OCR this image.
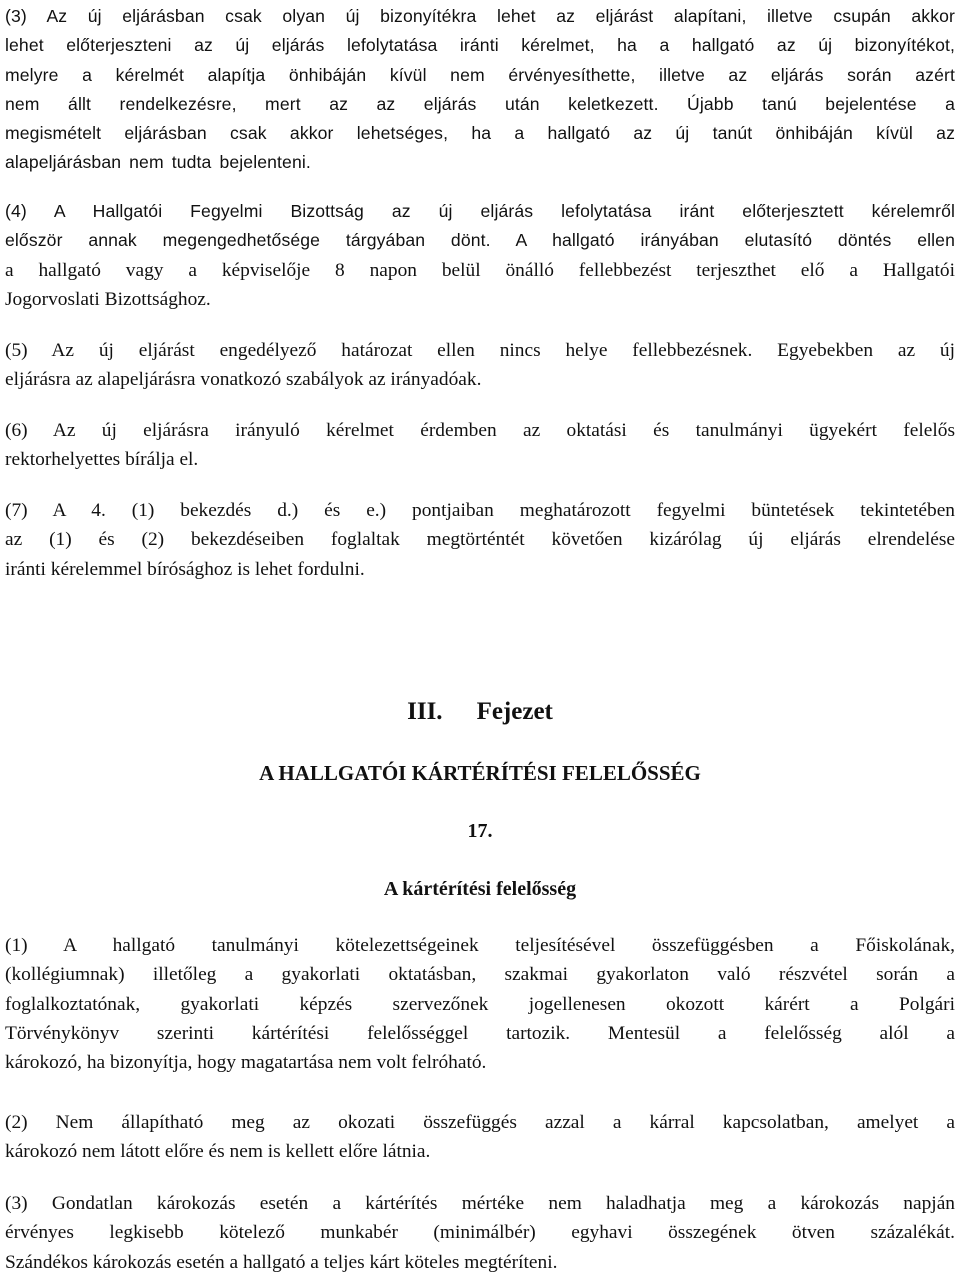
(3) Az új eljárásban csak olyan új bizonyítékra lehet az eljárást alapítani, illetve csupán akkor
lehet előterjeszteni az új eljárás lefolytatása iránti kérelmet, ha a hallgató az új bizonyítékot,
melyre a kérelmét alapítja önhibáján kívül nem érvényesíthette, illetve az eljárás során azért
nem állt rendelkezésre, mert az az eljárás után keletkezett. Újabb tanú bejelentése a
megismételt eljárásban csak akkor lehetséges, ha a hallgató az új tanút önhibáján kívül az
alapeljárásban nem tudta bejelenteni.

(4) A Hallgatói Fegyelmi Bizottság az új eljárás lefolytatása iránt előterjesztett kérelemről
először annak megengedhetősége tárgyában dönt. A hallgató irányában elutasító döntés ellen
a hallgató vagy a képviselője 8 napon belül önálló fellebbezést terjeszthet elő a Hallgatói
Jogorvoslati Bizottsághoz.

(5) Az új eljárást engedélyező határozat ellen nincs helye fellebbezésnek. Egyebekben az új
eljárásra az alapeljárásra vonatkozó szabályok az irányadóak.

(6) Az új eljárásra irányuló kérelmet érdemben az oktatási és tanulmányi ügyekért felelős
rektorhelyettes bírálja el.

(7) A 4. (1) bekezdés d.) és e.) pontjaiban meghatározott fegyelmi büntetések tekintetében
az (1) és (2) bekezdéseiben foglaltak megtörténtét követően kizárólag új eljárás elrendelése
iránti kérelemmel bírósághoz is lehet fordulni.

III. Fejezet
A HALLGATÓI KÁRTÉRÍTÉSI FELELŐSSÉG
17.
A kártérítési felelősség

(1) A hallgató tanulmányi kötelezettségeinek teljesítésével összefüggésben a Főiskolának,
(kollégiumnak) illetőleg a gyakorlati oktatásban, szakmai gyakorlaton való részvétel során a
foglalkoztatónak, gyakorlati képzés szervezőnek jogellenesen okozott kárért a Polgári
Törvénykönyv szerinti kártérítési felelősséggel tartozik. Mentesül a felelősség alól a
károkozó, ha bizonyítja, hogy magatartása nem volt felróható.

(2) Nem állapítható meg az okozati összefüggés azzal a kárral kapcsolatban, amelyet a
károkozó nem látott előre és nem is kellett előre látnia.

(3) Gondatlan károkozás esetén a kártérítés mértéke nem haladhatja meg a károkozás napján
érvényes legkisebb kötelező munkabér (minimálbér) egyhavi összegének ötven százalékát.
Szándékos károkozás esetén a hallgató a teljes kárt köteles megtéríteni.
